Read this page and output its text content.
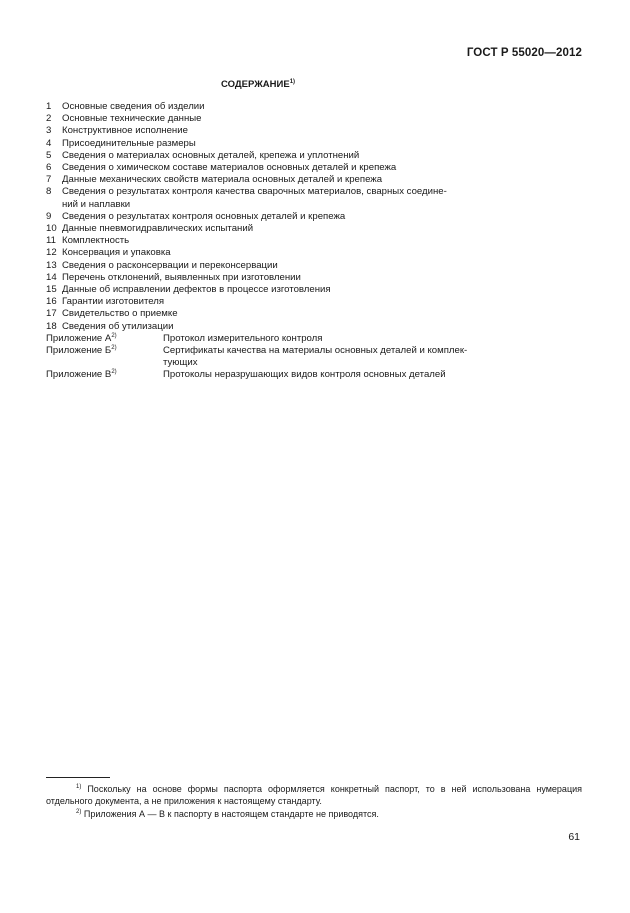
ГОСТ Р 55020—2012
СОДЕРЖАНИЕ$^{1)}$
1	Основные сведения об изделии
2	Основные технические данные
3	Конструктивное исполнение
4	Присоединительные размеры
5	Сведения о материалах основных деталей, крепежа и уплотнений
6	Сведения о химическом составе материалов основных деталей и крепежа
7	Данные механических свойств материала основных деталей и крепежа
8	Сведения о результатах контроля качества сварочных материалов, сварных соедине-
ний и наплавки
9	Сведения о результатах контроля основных деталей и крепежа
10 Данные пневмогидравлических испытаний
11 Комплектность
12 Консервация и упаковка
13 Сведения о расконсервации и переконсервации
14 Перечень отклонений, выявленных при изготовлении
15 Данные об исправлении дефектов в процессе изготовления
16 Гарантии изготовителя
17 Свидетельство о приемке
18 Сведения об утилизации
Приложение $А^{2)}$	Протокол измерительного контроля
Приложение $Б^{2)}$	Сертификаты качества на материалы основных деталей и комплек-
тующих
Приложение $В^{2)}$	Протоколы неразрушающих видов контроля основных деталей
$^{1)}$ Поскольку на основе формы паспорта оформляется конкретный паспорт, то в ней использована нумерация отдельного документа, а не приложения к настоящему стандарту.
$^{2)}$ Приложения А — В к паспорту в настоящем стандарте не приводятся.
61
